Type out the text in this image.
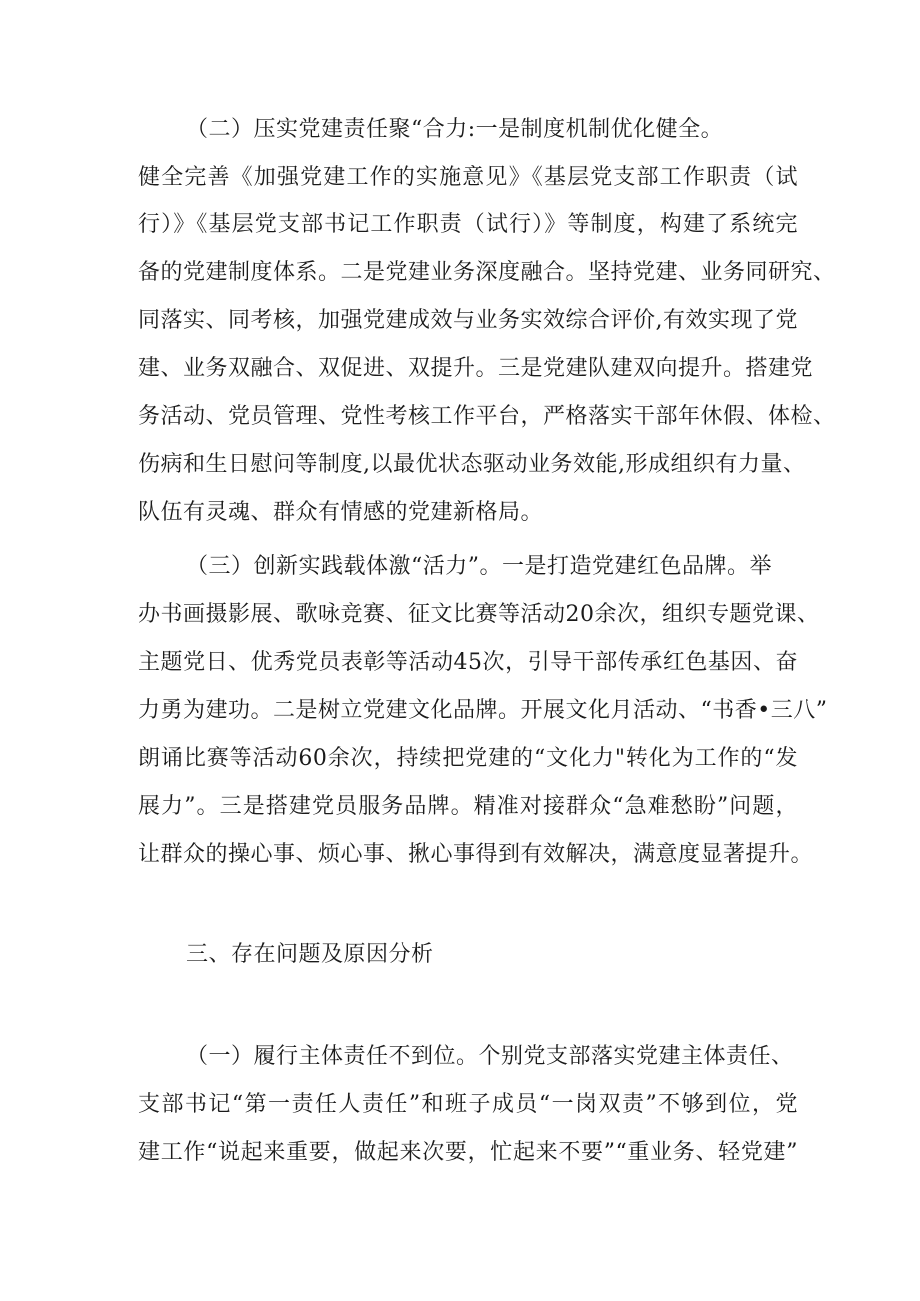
（二）压实党建责任聚“合力:一是制度机制优化健全。
健全完善《加强党建工作的实施意见》《基层党支部工作职责（试
行）》《基层党支部书记工作职责（试行）》等制度，构建了系统完
备的党建制度体系。二是党建业务深度融合。坚持党建、业务同研究、
同落实、同考核，加强党建成效与业务实效综合评价,有效实现了党
建、业务双融合、双促进、双提升。三是党建队建双向提升。搭建党
务活动、党员管理、党性考核工作平台，严格落实干部年休假、体检、
伤病和生日慰问等制度,以最优状态驱动业务效能,形成组织有力量、
队伍有灵魂、群众有情感的党建新格局。
（三）创新实践载体激“活力”。一是打造党建红色品牌。举
办书画摄影展、歌咏竞赛、征文比赛等活动20余次，组织专题党课、
主题党日、优秀党员表彰等活动45次，引导干部传承红色基因、奋
力勇为建功。二是树立党建文化品牌。开展文化月活动、“书香•三八”
朗诵比赛等活动60余次，持续把党建的“文化力"转化为工作的“发
展力”。三是搭建党员服务品牌。精准对接群众“急难愁盼”问题，
让群众的操心事、烦心事、揪心事得到有效解决，满意度显著提升。
三、存在问题及原因分析
（一）履行主体责任不到位。个别党支部落实党建主体责任、
支部书记“第一责任人责任”和班子成员“一岗双责”不够到位，党
建工作“说起来重要，做起来次要，忙起来不要”“重业务、轻党建”
